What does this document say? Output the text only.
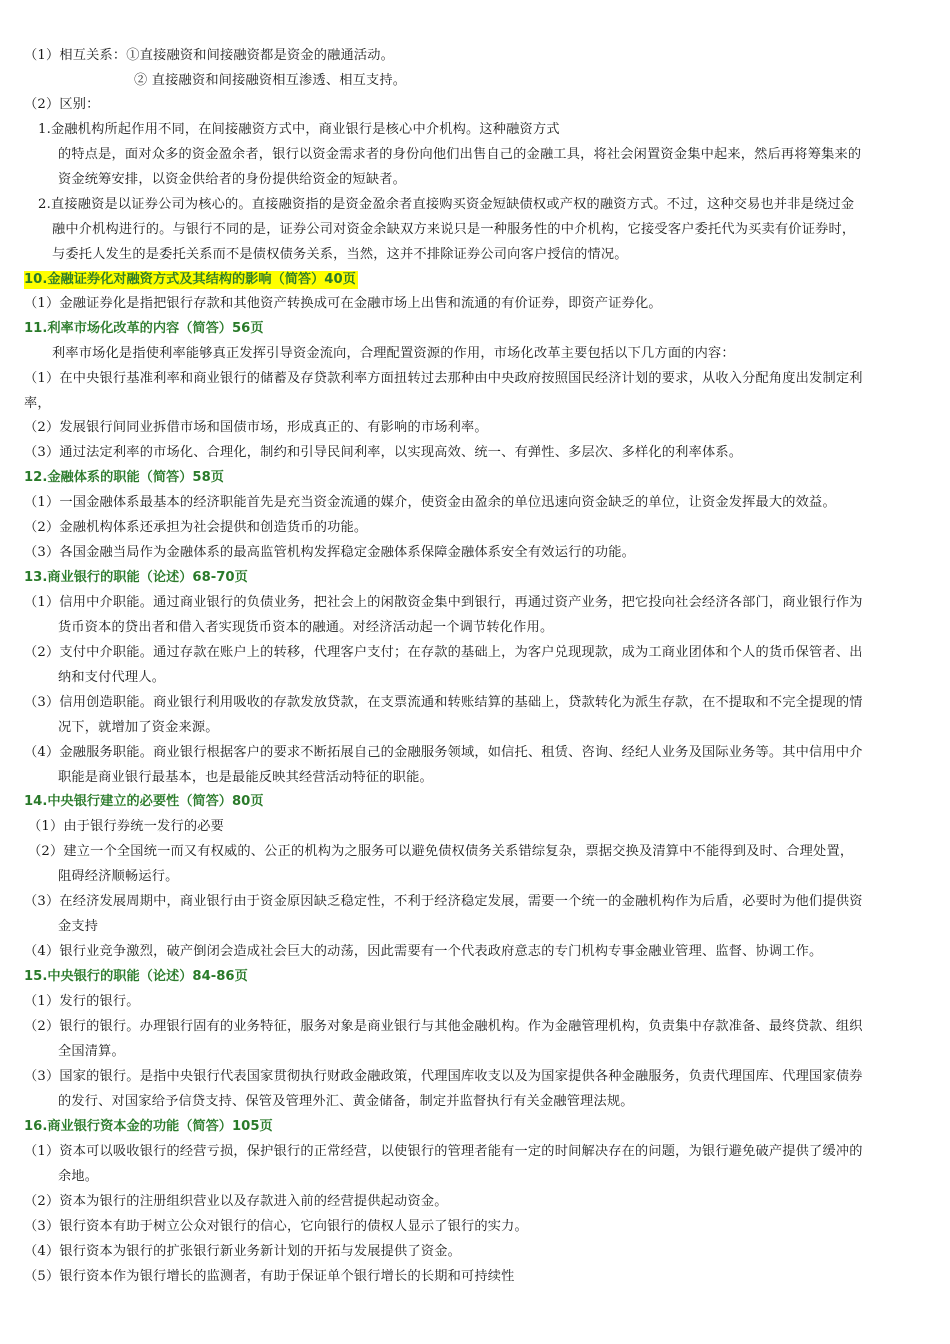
（1）相互关系：①直接融资和间接融资都是资金的融通活动。
② 直接融资和间接融资相互渗透、相互支持。
（2）区别：
1.金融机构所起作用不同，在间接融资方式中，商业银行是核心中介机构。这种融资方式
的特点是，面对众多的资金盈余者，银行以资金需求者的身份向他们出售自己的金融工具，将社会闲置资金集中起来，然后再将筹集来的
资金统筹安排，以资金供给者的身份提供给资金的短缺者。
2.直接融资是以证券公司为核心的。直接融资指的是资金盈余者直接购买资金短缺债权或产权的融资方式。不过，这种交易也并非是绕过金
融中介机构进行的。与银行不同的是，证券公司对资金余缺双方来说只是一种服务性的中介机构，它接受客户委托代为买卖有价证券时，
与委托人发生的是委托关系而不是债权债务关系，当然，这并不排除证券公司向客户授信的情况。
10.金融证券化对融资方式及其结构的影响（简答）40页
（1）金融证券化是指把银行存款和其他资产转换成可在金融市场上出售和流通的有价证券，即资产证券化。
11.利率市场化改革的内容（简答）56页
利率市场化是指使利率能够真正发挥引导资金流向，合理配置资源的作用，市场化改革主要包括以下几方面的内容：
（1）在中央银行基准利率和商业银行的储蓄及存贷款利率方面扭转过去那种由中央政府按照国民经济计划的要求，从收入分配角度出发制定利
率，
（2）发展银行间同业拆借市场和国债市场，形成真正的、有影响的市场利率。
（3）通过法定利率的市场化、合理化，制约和引导民间利率，以实现高效、统一、有弹性、多层次、多样化的利率体系。
12.金融体系的职能（简答）58页
（1）一国金融体系最基本的经济职能首先是充当资金流通的媒介，使资金由盈余的单位迅速向资金缺乏的单位，让资金发挥最大的效益。
（2）金融机构体系还承担为社会提供和创造货币的功能。
（3）各国金融当局作为金融体系的最高监管机构发挥稳定金融体系保障金融体系安全有效运行的功能。
13.商业银行的职能（论述）68-70页
（1）信用中介职能。通过商业银行的负债业务，把社会上的闲散资金集中到银行，再通过资产业务，把它投向社会经济各部门，商业银行作为
货币资本的贷出者和借入者实现货币资本的融通。对经济活动起一个调节转化作用。
（2）支付中介职能。通过存款在账户上的转移，代理客户支付；在存款的基础上，为客户兑现现款，成为工商业团体和个人的货币保管者、出
纳和支付代理人。
（3）信用创造职能。商业银行利用吸收的存款发放贷款，在支票流通和转账结算的基础上，贷款转化为派生存款，在不提取和不完全提现的情
况下，就增加了资金来源。
（4）金融服务职能。商业银行根据客户的要求不断拓展自己的金融服务领域，如信托、租赁、咨询、经纪人业务及国际业务等。其中信用中介
职能是商业银行最基本，也是最能反映其经营活动特征的职能。
14.中央银行建立的必要性（简答）80页
（1）由于银行券统一发行的必要
（2）建立一个全国统一而又有权威的、公正的机构为之服务可以避免债权债务关系错综复杂，票据交换及清算中不能得到及时、合理处置，
阻碍经济顺畅运行。
（3）在经济发展周期中，商业银行由于资金原因缺乏稳定性，不利于经济稳定发展，需要一个统一的金融机构作为后盾，必要时为他们提供资
金支持
（4）银行业竞争激烈，破产倒闭会造成社会巨大的动荡，因此需要有一个代表政府意志的专门机构专事金融业管理、监督、协调工作。
15.中央银行的职能（论述）84-86页
（1）发行的银行。
（2）银行的银行。办理银行固有的业务特征，服务对象是商业银行与其他金融机构。作为金融管理机构，负责集中存款准备、最终贷款、组织
全国清算。
（3）国家的银行。是指中央银行代表国家贯彻执行财政金融政策，代理国库收支以及为国家提供各种金融服务，负责代理国库、代理国家债券
的发行、对国家给予信贷支持、保管及管理外汇、黄金储备，制定并监督执行有关金融管理法规。
16.商业银行资本金的功能（简答）105页
（1）资本可以吸收银行的经营亏损，保护银行的正常经营，以使银行的管理者能有一定的时间解决存在的问题，为银行避免破产提供了缓冲的
余地。
（2）资本为银行的注册组织营业以及存款进入前的经营提供起动资金。
（3）银行资本有助于树立公众对银行的信心，它向银行的债权人显示了银行的实力。
（4）银行资本为银行的扩张银行新业务新计划的开拓与发展提供了资金。
（5）银行资本作为银行增长的监测者，有助于保证单个银行增长的长期和可持续性
